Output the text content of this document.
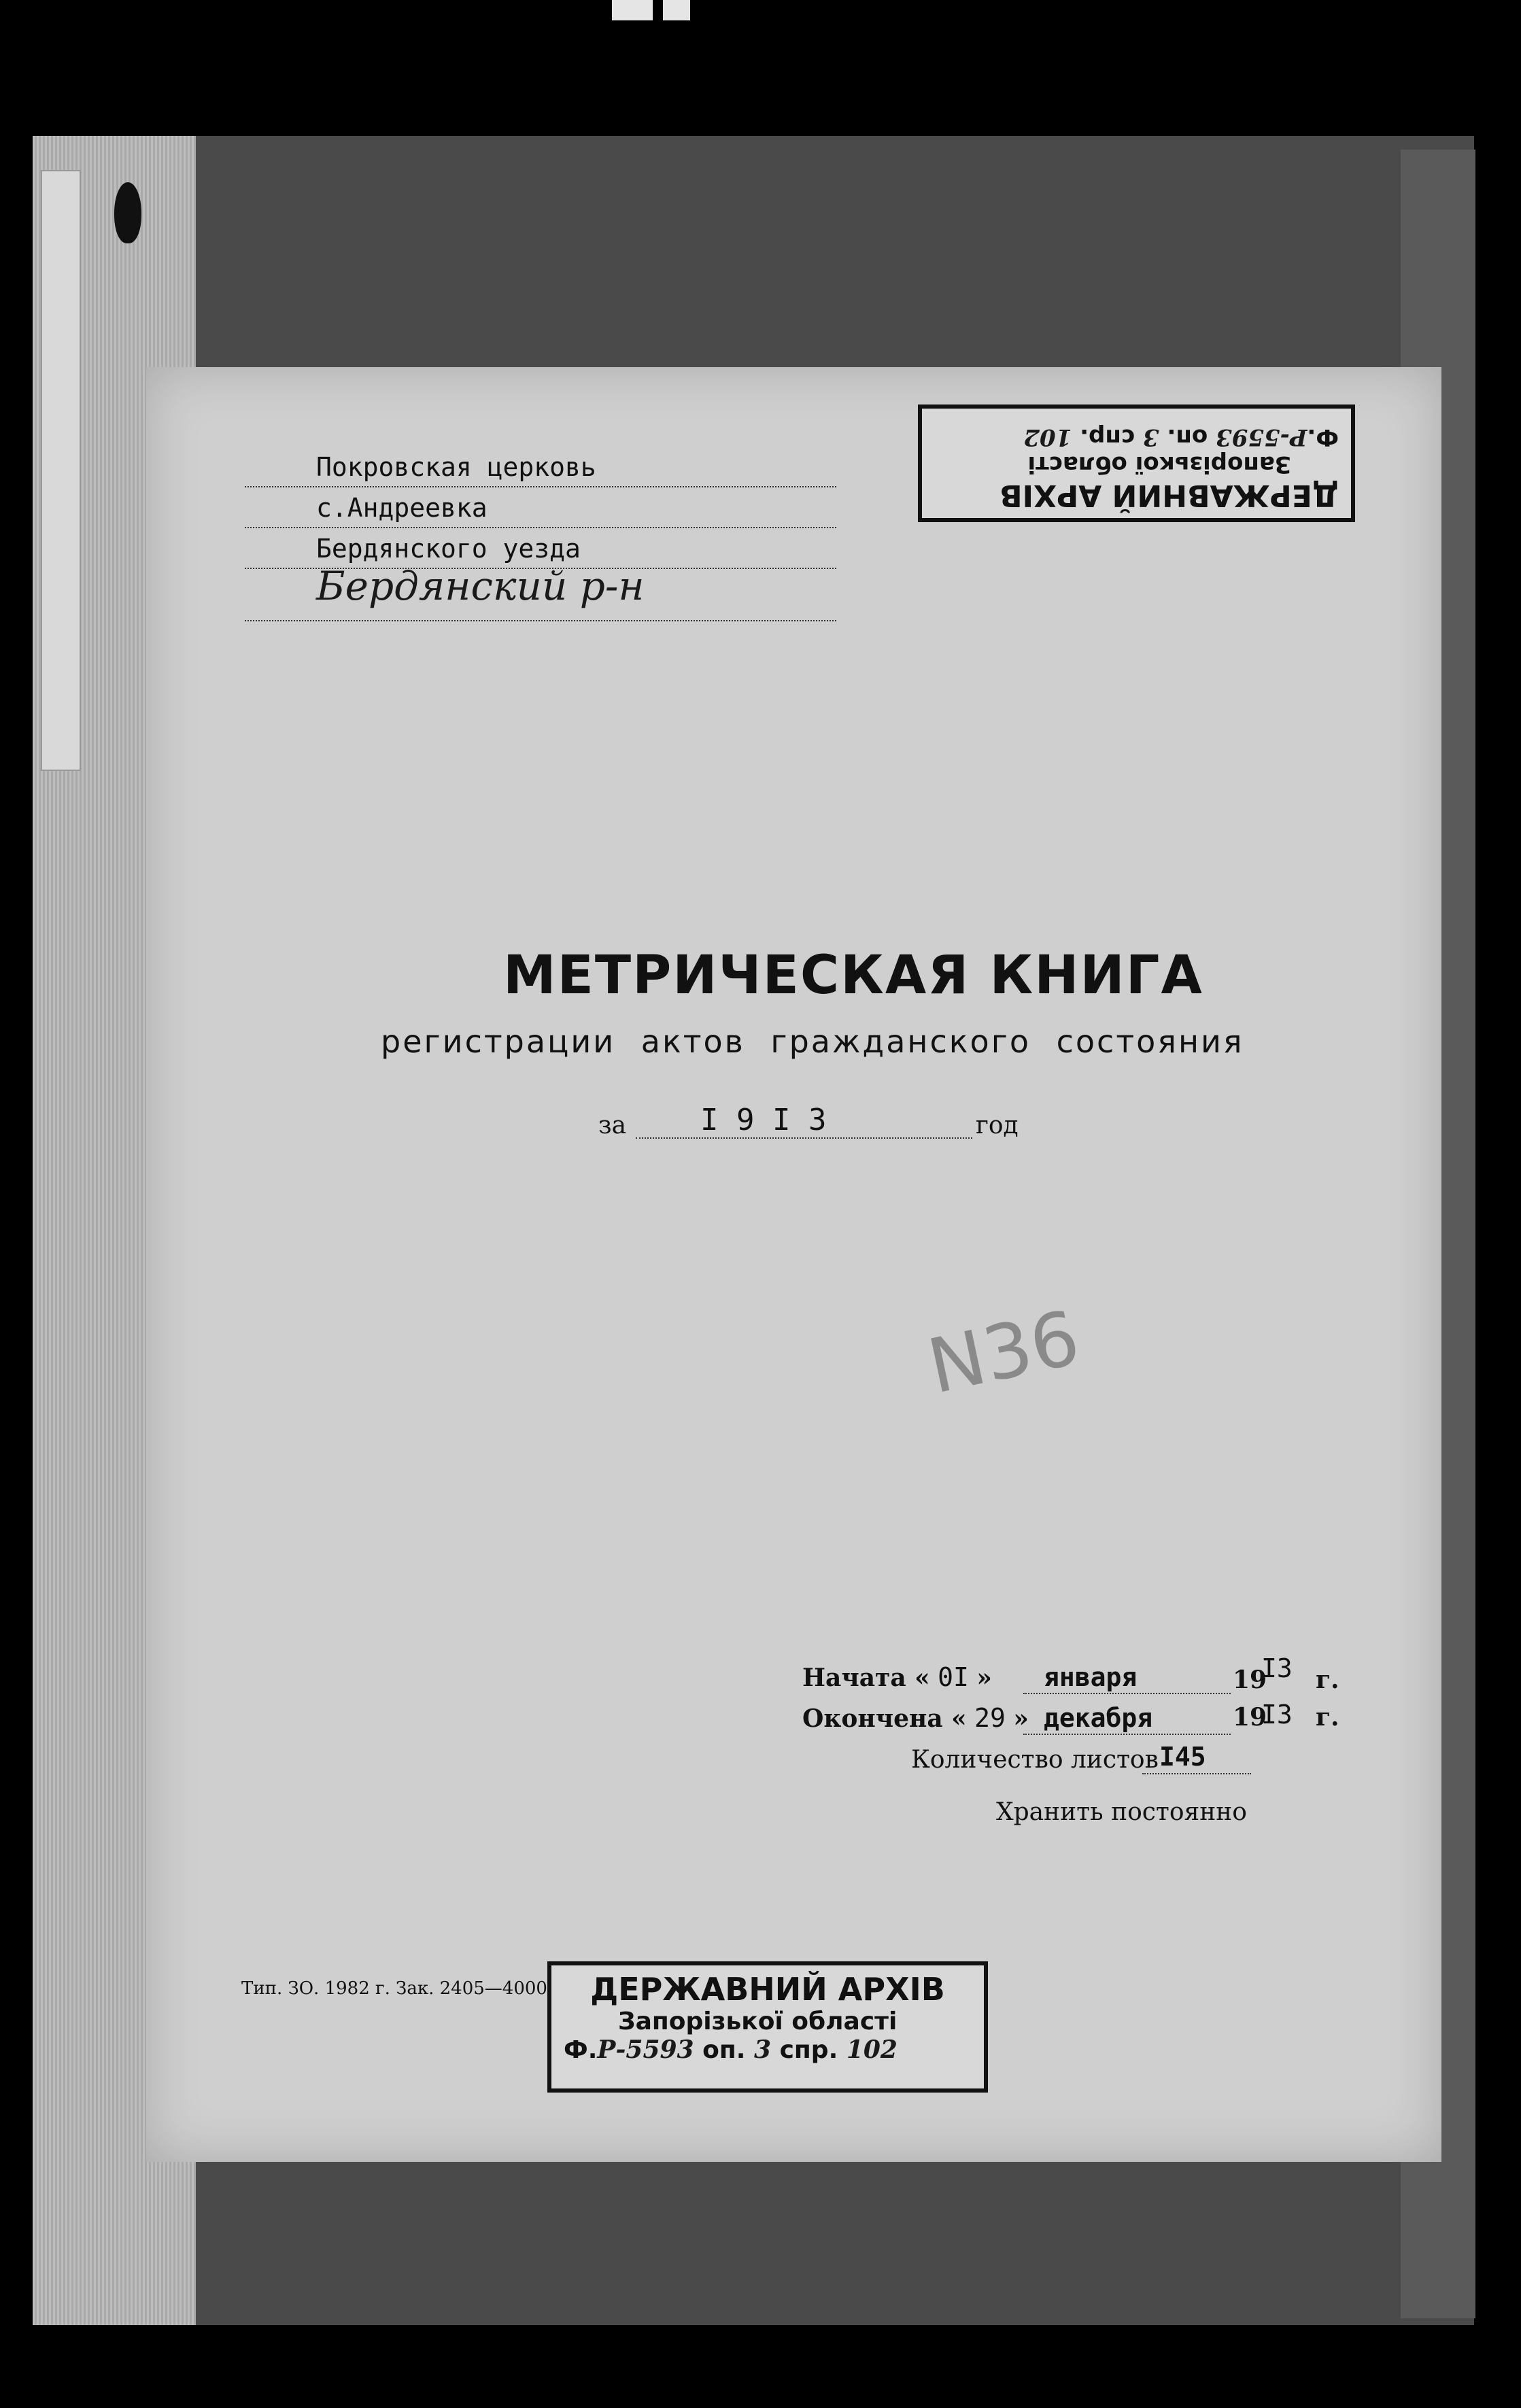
Покровская церковь
с.Андреевка
Бердянского уезда
Бердянский р-н
ДЕРЖАВНИЙ АРХІВ
Запорізької області
Ф.Р-5593 оп. 3 спр. 102
МЕТРИЧЕСКАЯ КНИГА
регистрации актов гражданского состояния
за I 9 I 3	год
N36
Начата « 0I » января	19
I3 г.
Окончена « 29 » декабря	19
I3 г.
Количество листов I45
Хранить постоянно
Тип. ЗО. 1982 г. Зак. 2405—4000	ДЕРЖАВНИЙ АРХІВ
Запорізької області
Ф.Р-5593 оп. 3 спр. 102
